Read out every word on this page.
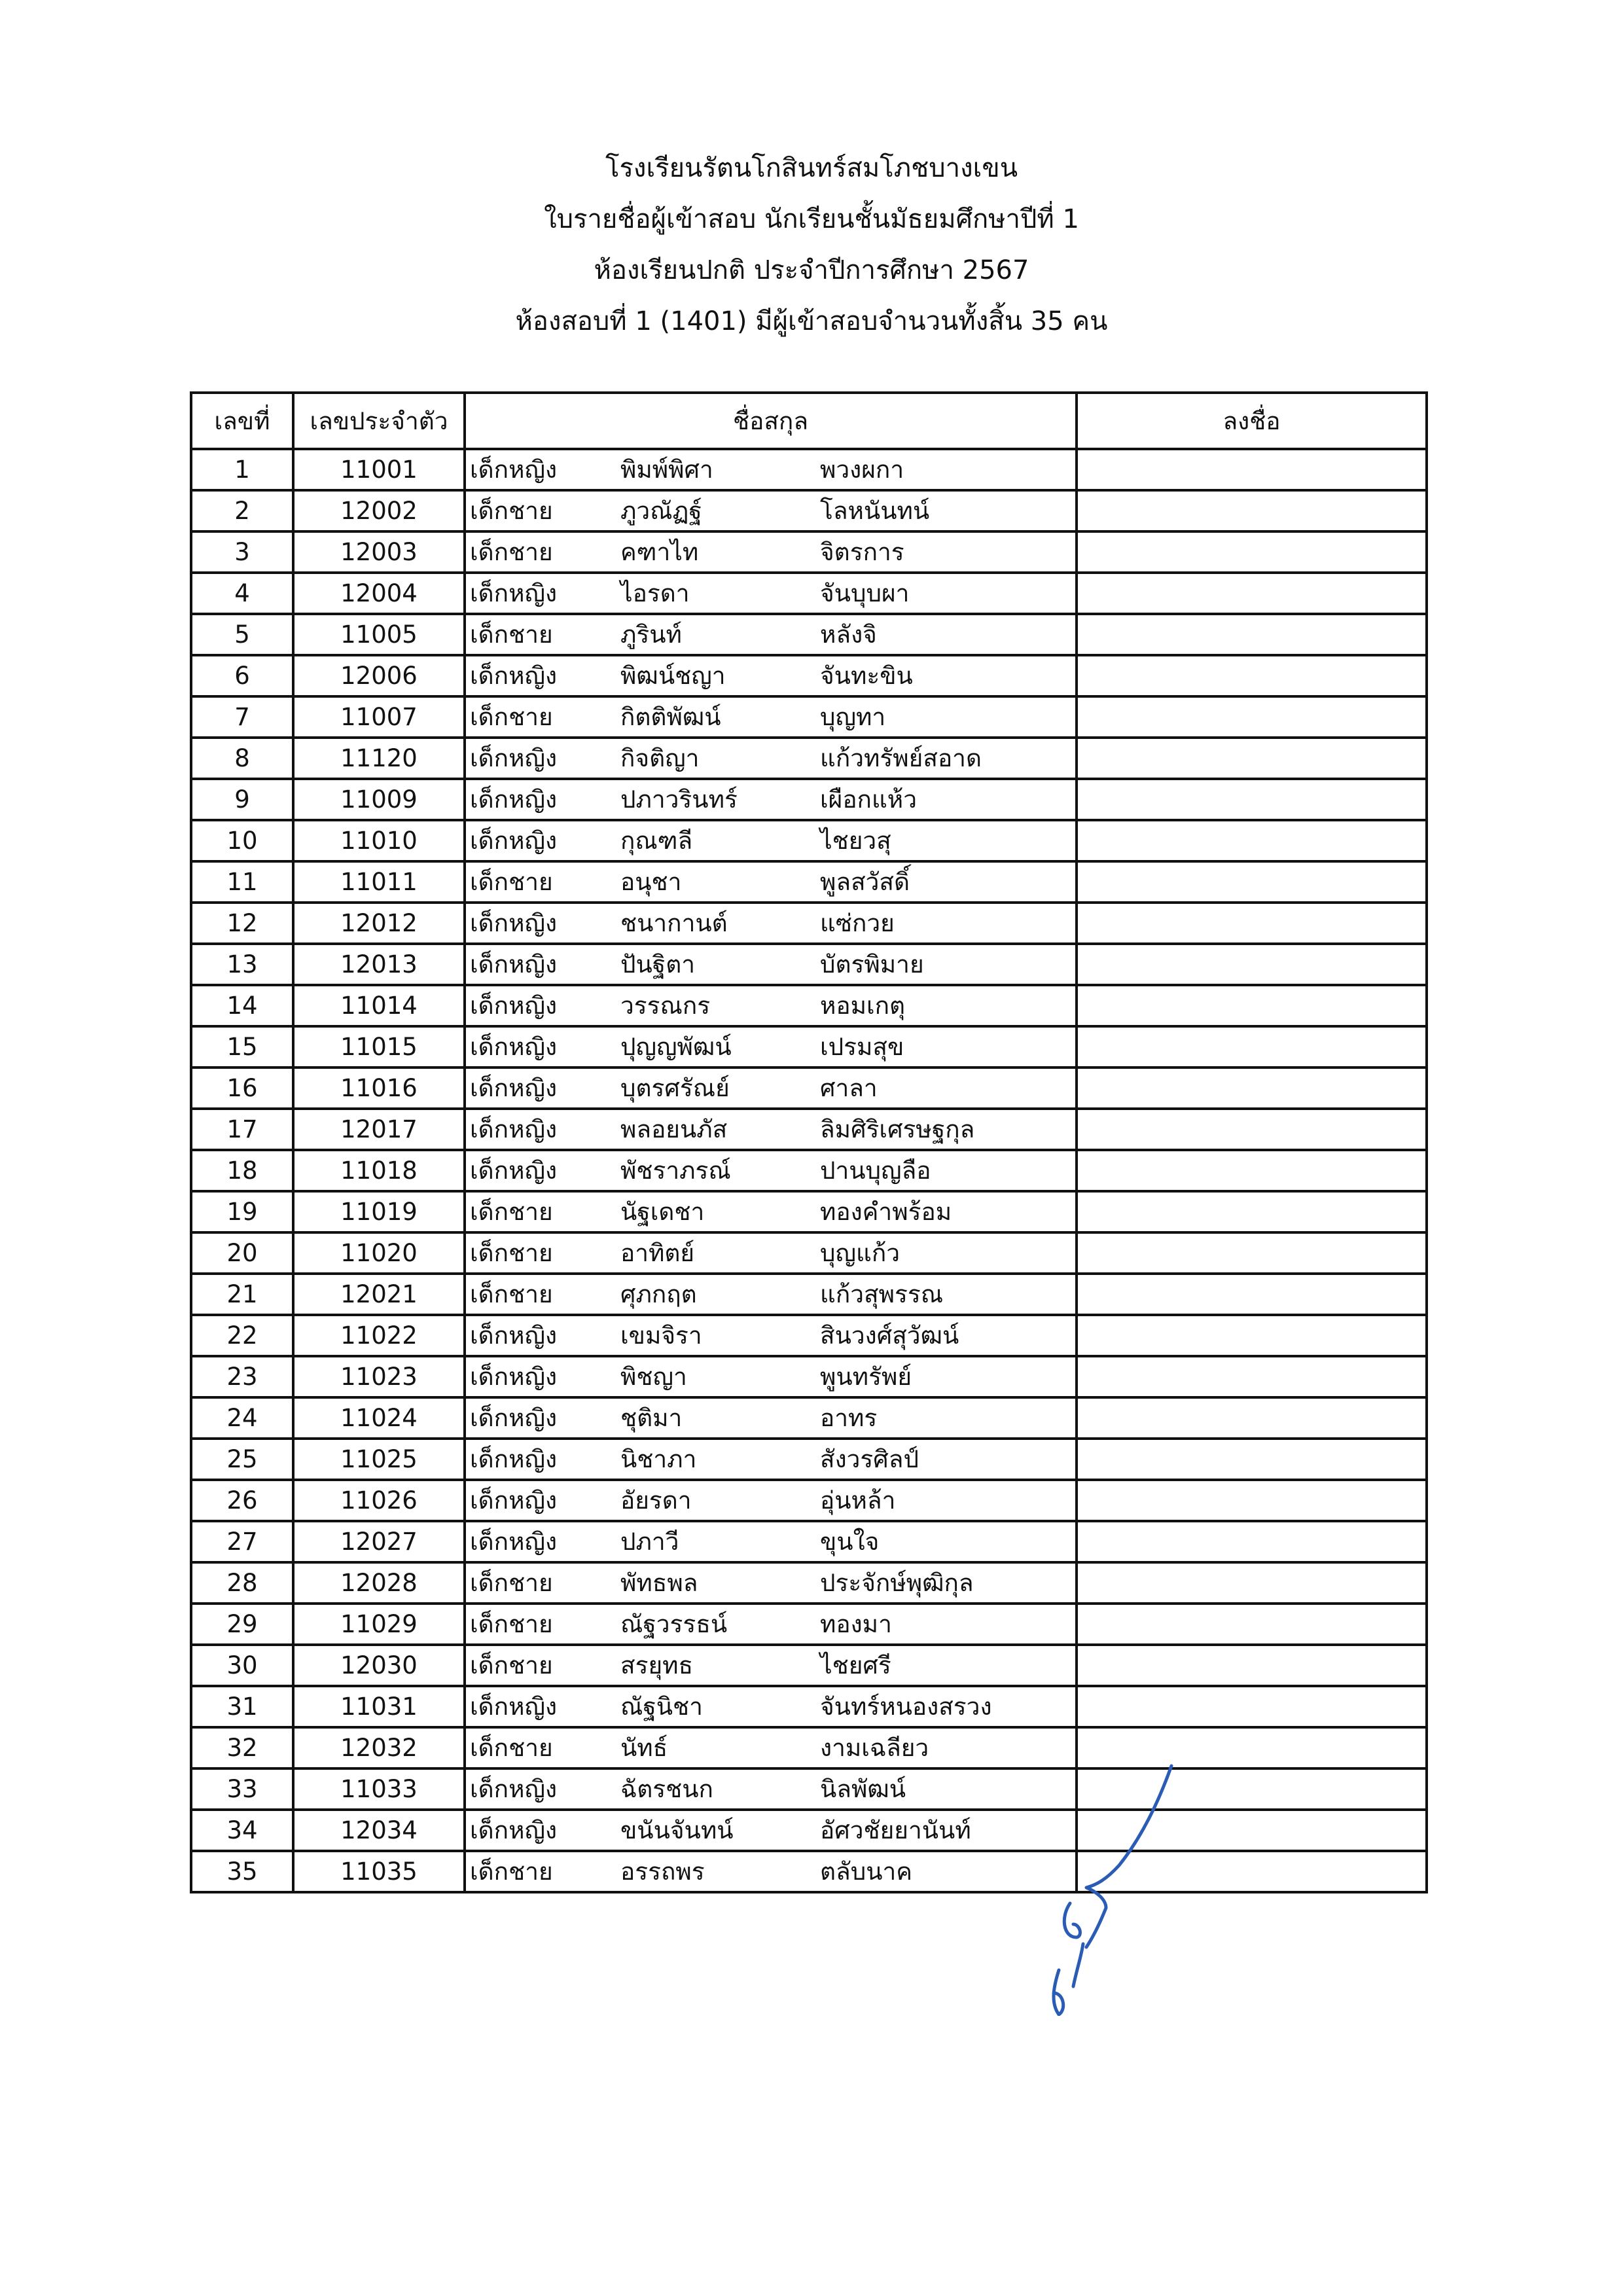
โรงเรียนรัตนโกสินทร์สมโภชบางเขน
ใบรายชื่อผู้เข้าสอบ นักเรียนชั้นมัธยมศึกษาปีที่ 1
ห้องเรียนปกติ ประจำปีการศึกษา 2567
ห้องสอบที่ 1 (1401) มีผู้เข้าสอบจำนวนทั้งสิ้น 35 คน
เลขที่	เลขประจำตัว	ชื่อสกุล	ลงชื่อ
1	11001	เด็กหญิง พิมพ์พิศา พวงผกา	
2	12002	เด็กชาย ภูวณัฏฐ์ โลหนันทน์	
3	12003	เด็กชาย คฑาไท จิตรการ	
4	12004	เด็กหญิง ไอรดา จันบุบผา	
5	11005	เด็กชาย ภูรินท์ หลังจิ	
6	12006	เด็กหญิง พิฒน์ชญา จันทะขิน	
7	11007	เด็กชาย กิตติพัฒน์ บุญทา	
8	11120	เด็กหญิง กิจติญา แก้วทรัพย์สอาด	
9	11009	เด็กหญิง ปภาวรินทร์ เผือกแห้ว	
10	11010	เด็กหญิง กุณฑลี ไชยวสุ	
11	11011	เด็กชาย อนุชา พูลสวัสดิ์	
12	12012	เด็กหญิง ชนากานต์ แซ่กวย	
13	12013	เด็กหญิง ปันฐิตา บัตรพิมาย	
14	11014	เด็กหญิง วรรณกร หอมเกตุ	
15	11015	เด็กหญิง ปุญญพัฒน์ เปรมสุข	
16	11016	เด็กหญิง บุตรศรัณย์ ศาลา	
17	12017	เด็กหญิง พลอยนภัส ลิมศิริเศรษฐกุล	
18	11018	เด็กหญิง พัชราภรณ์ ปานบุญลือ	
19	11019	เด็กชาย นัฐเดชา ทองคำพร้อม	
20	11020	เด็กชาย อาทิตย์ บุญแก้ว	
21	12021	เด็กชาย ศุภกฤต แก้วสุพรรณ	
22	11022	เด็กหญิง เขมจิรา สินวงศ์สุวัฒน์	
23	11023	เด็กหญิง พิชญา พูนทรัพย์	
24	11024	เด็กหญิง ชุติมา อาทร	
25	11025	เด็กหญิง นิชาภา สังวรศิลป์	
26	11026	เด็กหญิง อัยรดา อุ่นหล้า	
27	12027	เด็กหญิง ปภาวี ขุนใจ	
28	12028	เด็กชาย พัทธพล ประจักษ์พุฒิกุล	
29	11029	เด็กชาย ณัฐวรรธน์ ทองมา	
30	12030	เด็กชาย สรยุทธ ไชยศรี	
31	11031	เด็กหญิง ณัฐนิชา จันทร์หนองสรวง	
32	12032	เด็กชาย นัทธ์ งามเฉลียว	
33	11033	เด็กหญิง ฉัตรชนก นิลพัฒน์	
34	12034	เด็กหญิง ขนันจันทน์ อัศวชัยยานันท์	
35	11035	เด็กชาย อรรถพร ตลับนาค	
